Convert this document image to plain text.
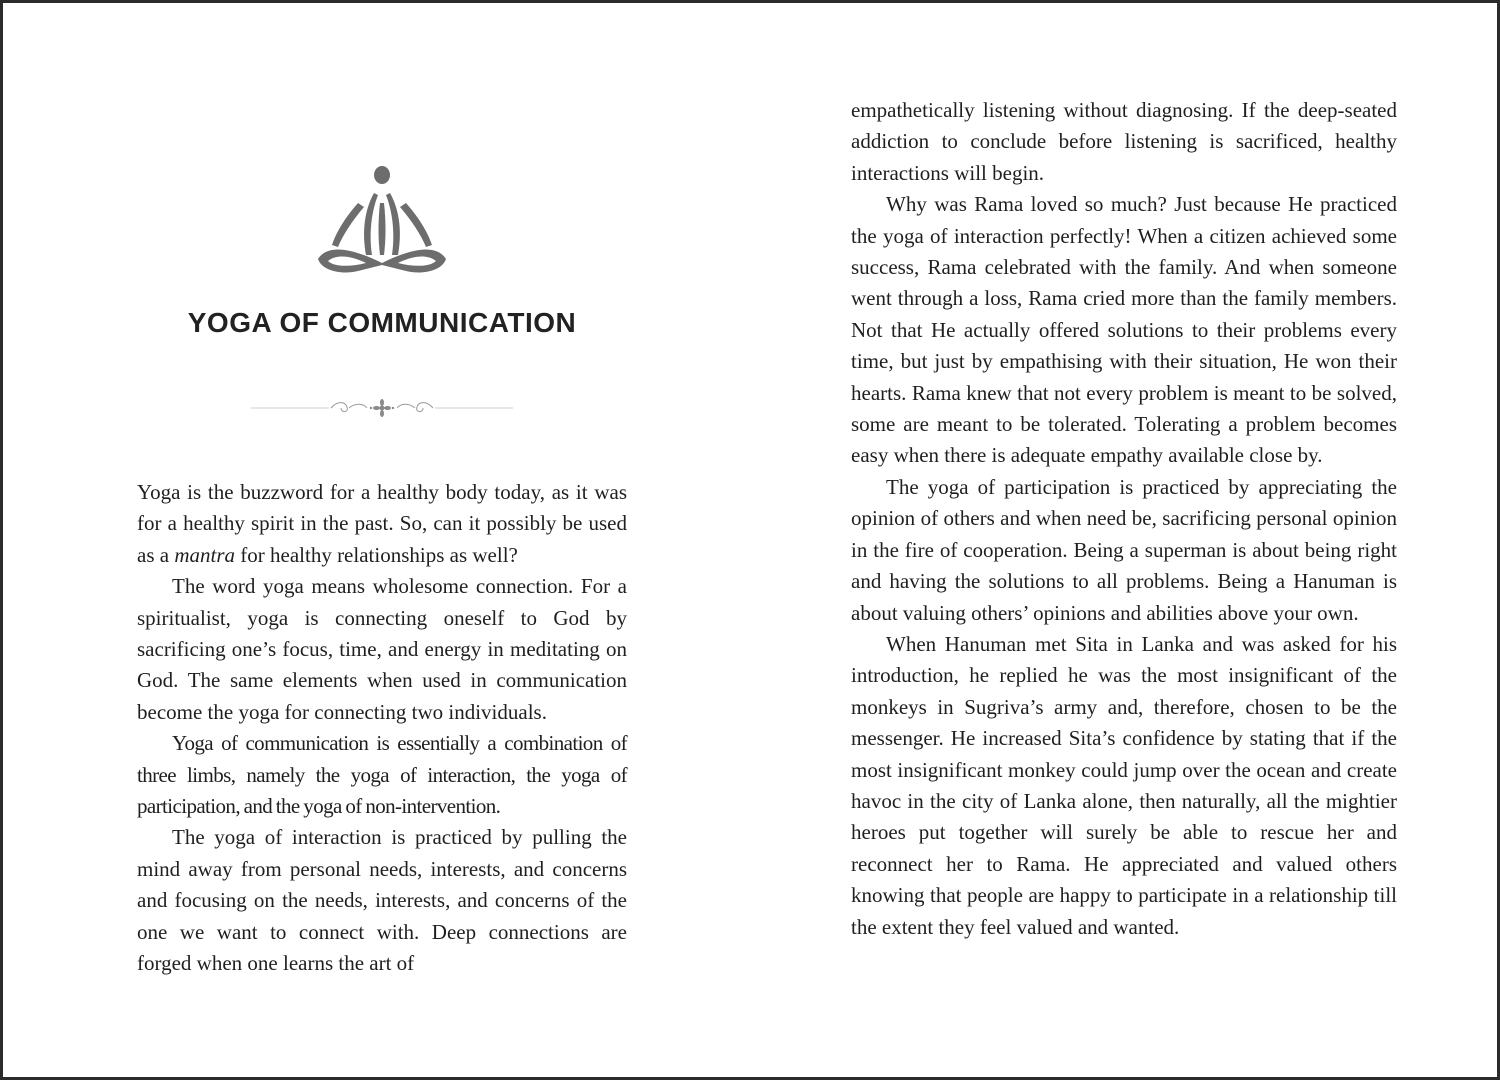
YOGA OF COMMUNICATION

Yoga is the buzzword for a healthy body today, as it was for a healthy spirit in the past. So, can it possibly be used as a mantra for healthy relationships as well?

The word yoga means wholesome connection. For a spiritualist, yoga is connecting oneself to God by sacrificing one’s focus, time, and energy in meditating on God. The same elements when used in communication become the yoga for connecting two individuals.

Yoga of communication is essentially a combination of three limbs, namely the yoga of interaction, the yoga of participation, and the yoga of non-intervention.

The yoga of interaction is practiced by pulling the mind away from personal needs, interests, and concerns and focusing on the needs, interests, and concerns of the one we want to connect with. Deep connections are forged when one learns the art of

empathetically listening without diagnosing. If the deep-seated addiction to conclude before listening is sacrificed, healthy interactions will begin.

Why was Rama loved so much? Just because He practiced the yoga of interaction perfectly! When a citizen achieved some success, Rama celebrated with the family. And when someone went through a loss, Rama cried more than the family members. Not that He actually offered solutions to their problems every time, but just by empathising with their situation, He won their hearts. Rama knew that not every problem is meant to be solved, some are meant to be tolerated. Tolerating a problem becomes easy when there is adequate empathy available close by.

The yoga of participation is practiced by appreciating the opinion of others and when need be, sacrificing personal opinion in the fire of cooperation. Being a superman is about being right and having the solutions to all problems. Being a Hanuman is about valuing others’ opinions and abilities above your own.

When Hanuman met Sita in Lanka and was asked for his introduction, he replied he was the most insignificant of the monkeys in Sugriva’s army and, therefore, chosen to be the messenger. He increased Sita’s confidence by stating that if the most insignificant monkey could jump over the ocean and create havoc in the city of Lanka alone, then naturally, all the mightier heroes put together will surely be able to rescue her and reconnect her to Rama. He appreciated and valued others knowing that people are happy to participate in a relationship till the extent they feel valued and wanted.
